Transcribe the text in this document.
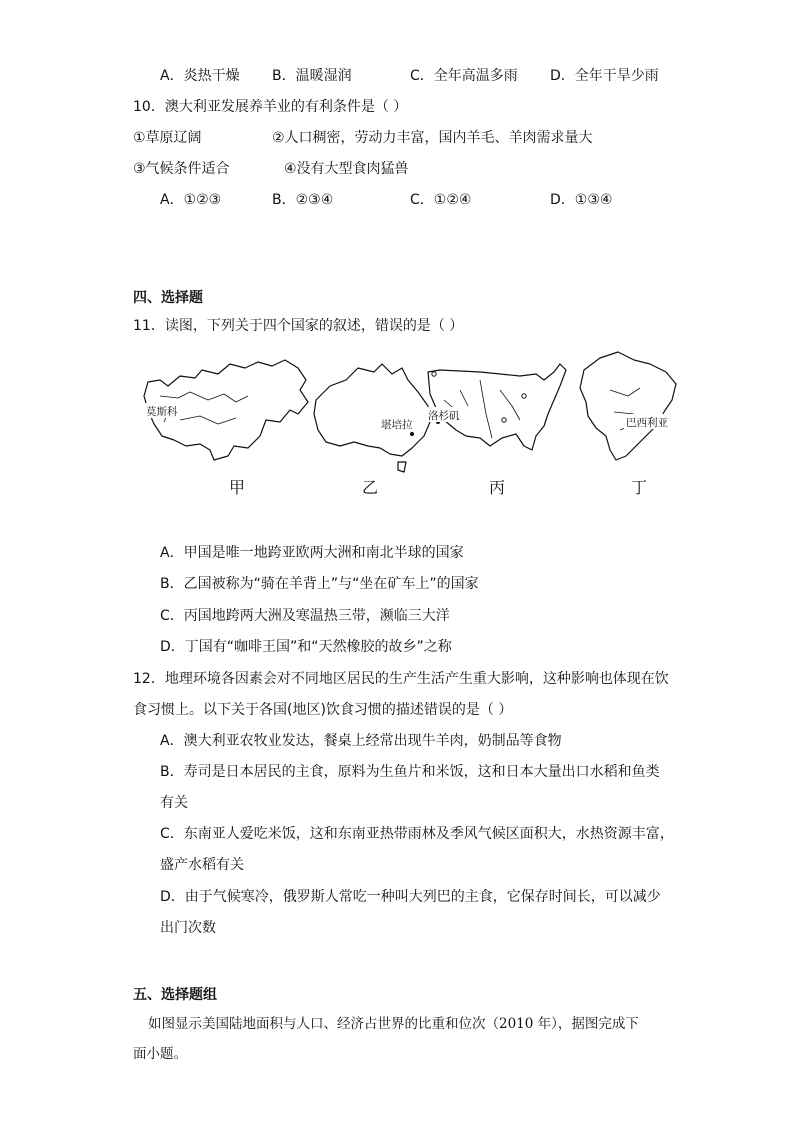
A．炎热干燥 B．温暖湿润	C．全年高温多雨 D．全年干旱少雨
10．澳大利亚发展养羊业的有利条件是（ ）
①草原辽阔	②人口稠密，劳动力丰富，国内羊毛、羊肉需求量大
③气候条件适合	④没有大型食肉猛兽
A．①②③	B．②③④	C．①②④	D．①③④
四、选择题
11．读图，下列关于四个国家的叙述，错误的是（ ）
莫斯科
堪培拉
洛杉矶
巴西利亚
甲	乙	丙	丁
A．甲国是唯一地跨亚欧两大洲和南北半球的国家
B．乙国被称为“骑在羊背上”与“坐在矿车上”的国家
C．丙国地跨两大洲及寒温热三带，濒临三大洋
D．丁国有“咖啡王国”和“天然橡胶的故乡”之称
12．地理环境各因素会对不同地区居民的生产生活产生重大影响，这种影响也体现在饮
食习惯上。以下关于各国(地区)饮食习惯的描述错误的是（ ）
A．澳大利亚农牧业发达，餐桌上经常出现牛羊肉，奶制品等食物
B．寿司是日本居民的主食，原料为生鱼片和米饭，这和日本大量出口水稻和鱼类
有关
C．东南亚人爱吃米饭，这和东南亚热带雨林及季风气候区面积大，水热资源丰富，
盛产水稻有关
D．由于气候寒冷，俄罗斯人常吃一种叫大列巴的主食，它保存时间长，可以减少
出门次数
五、选择题组
如图显示美国陆地面积与人口、经济占世界的比重和位次（2010 年），据图完成下
面小题。
